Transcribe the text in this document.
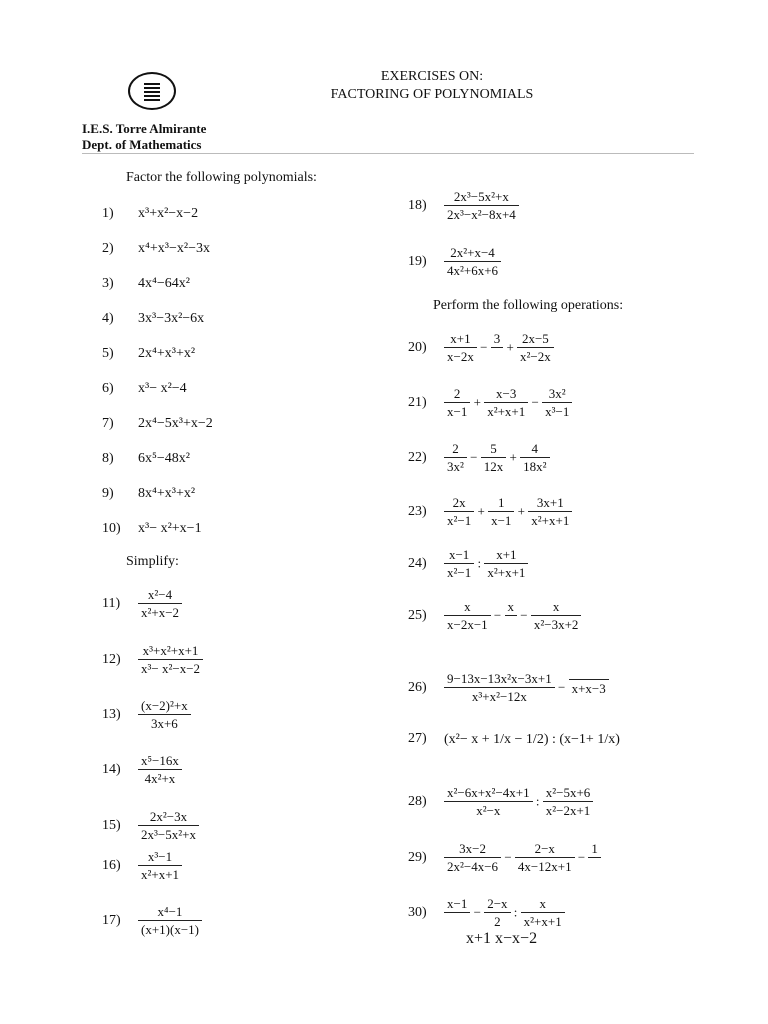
EXERCISES ON:
FACTORING OF POLYNOMIALS
I.E.S. Torre Almirante
Dept. of Mathematics
Factor the following polynomials:
Simplify:
Perform the following operations:
1) x³+x²−x−2
2) x⁴+x³−x²−3x
3) 4x⁴−64x²
4) 3x³−3x²−6x
5) 2x⁴+x³+x²
6) x³− x²−4
7) 2x⁴−5x³+x−2
8) 6x⁵−48x²
9) 8x⁴+x³+x²
10) x³− x²+x−1
$11) \frac{\text{x²−4}}{\text{x²+x−2}}$
$12) \frac{\text{x³+x²+x+1}}{\text{x³− x²−x−2}}$
$13) \frac{\text{(x−2)²+x}}{3x+6}$
$14) \frac{\text{x⁵−16x}}{\text{4x²+x}}$
$15) \frac{\text{2x²−3x}}{\text{2x³−5x²+x}}$
$16) \frac{\text{x³−1}}{\text{x²+x+1}}$
$17) \frac{\text{x⁴−1}}{(x+1)(x-1)}$
$18) \frac{\text{2x³−5x²+x}}{\text{2x³−x²−8x+4}}$
$19) \frac{\text{2x²+x−4}}{\text{4x²+6x+6}}$
$20) \frac{x+1}{x-2x}$ −
3

+ $\frac{2x-5}{\text{x²−2x}}$
$21) \frac{2}{x-1} + \frac{x-3}{\text{x²+x+1}} - \frac{\text{3x²}}{\text{x³−1}}$
$22) \frac{2}{\text{3x²}} - \frac{5}{12x} + \frac{4}{\text{18x²}}$
$23) \frac{2x}{\text{x²−1}} + \frac{1}{x-1} + \frac{3x+1}{\text{x²+x+1}}$
$24) \frac{x-1}{\text{x²−1}}$ : $\frac{x+1}{\text{x²+x+1}}$
$25) \frac{x}{x-2x-1}$ −
x

− $\frac{x}{\text{x²−3x+2}}$
$26) \frac{\text{9−13x−13x²x−3x+1}}{\text{x³+x²−12x}} - x+x-3$
27) (x²− x + 1/x − 1/2) : (x−1+ 1/x)
$28) \frac{\text{x²−6x+x²−4x+1}}{\text{x²−x}}$ : $\frac{\text{x²−5x+6}}{\text{x²−2x+1}}$
$29) \frac{3x-2}{\text{2x²−4x−6}} - \frac{2-x}{4x-12x+1}$ −
1

30)
x−1

− $\frac{2-x}{2}$ : $\frac{x}{\text{x²+x+1}}$
x+1 x−x−2
